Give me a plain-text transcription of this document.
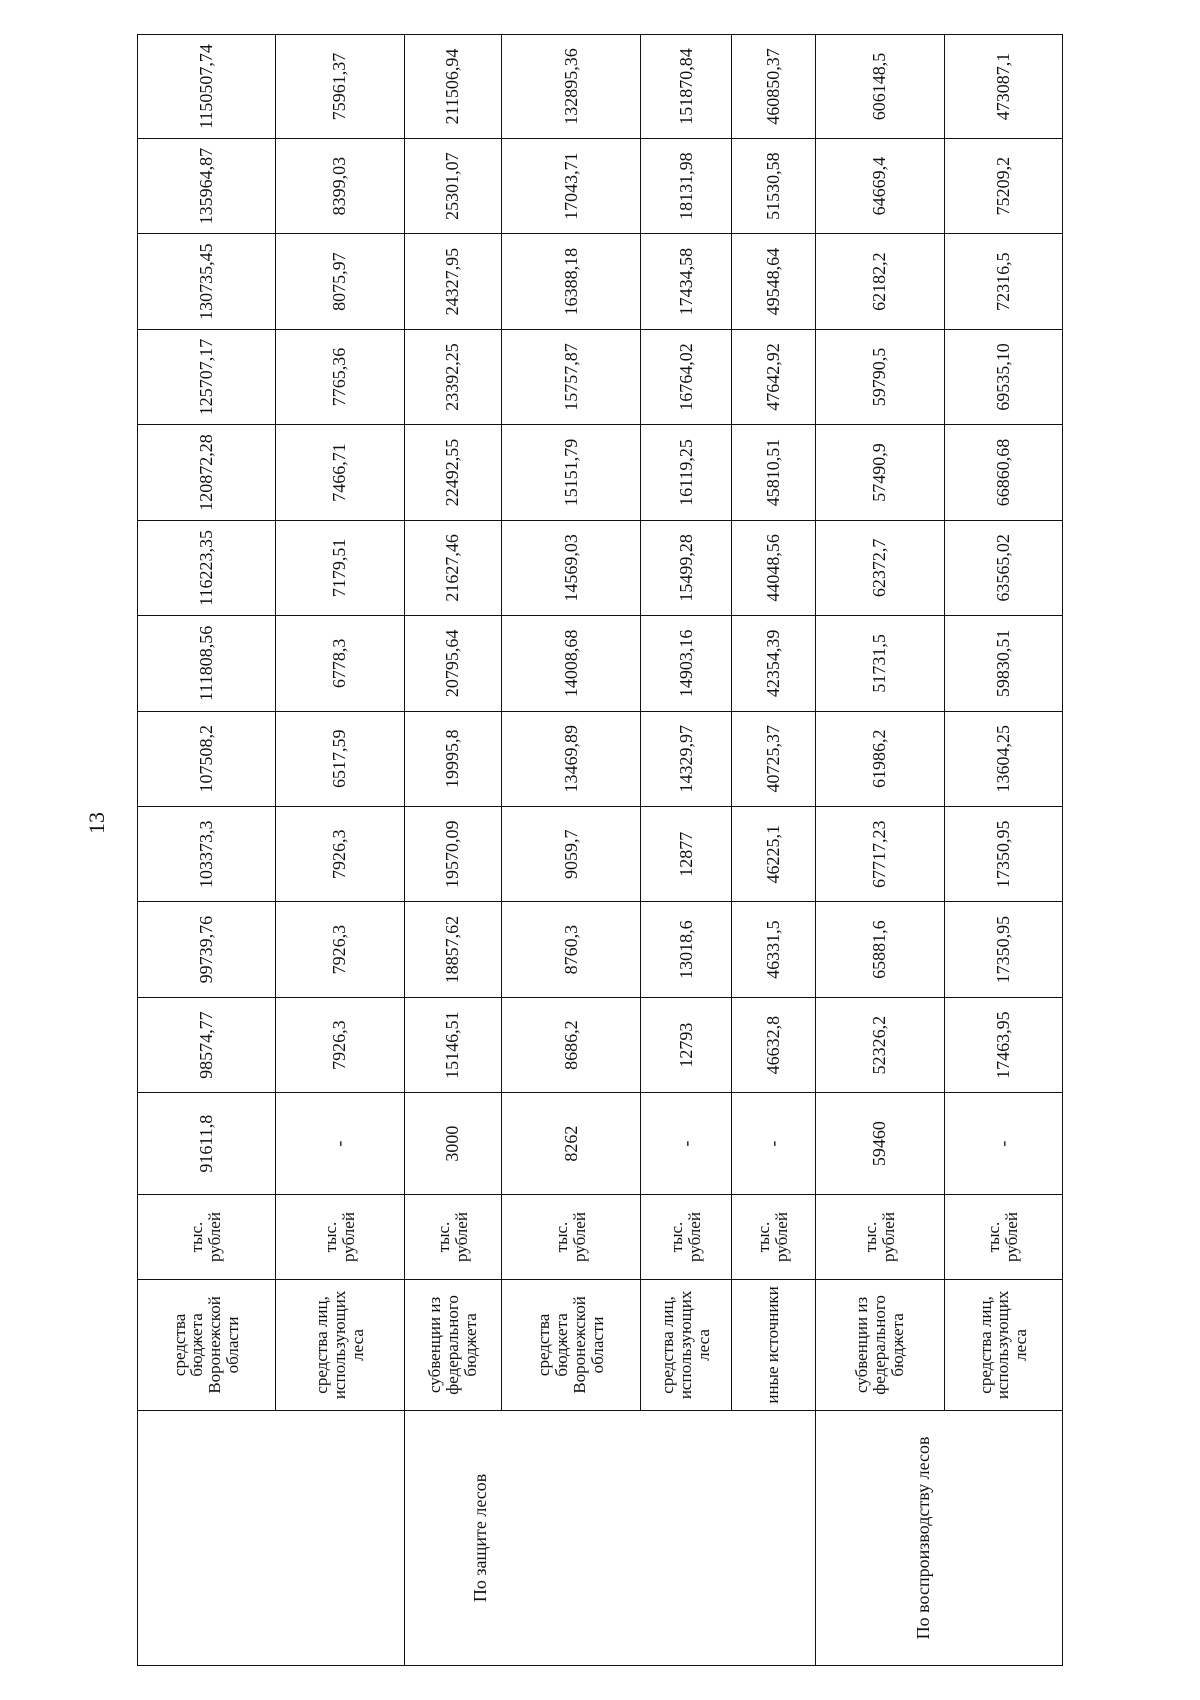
13
	средства бюджета Воронежской области	тыс. рублей	91611,8	98574,77	99739,76	103373,3	107508,2	111808,56	116223,35	120872,28	125707,17	130735,45	135964,87	1150507,74
	средства лиц, использующих леса	тыс. рублей	-	7926,3	7926,3	7926,3	6517,59	6778,3	7179,51	7466,71	7765,36	8075,97	8399,03	75961,37
По защите лесов	субвенции из федерального бюджета	тыс. рублей	3000	15146,51	18857,62	19570,09	19995,8	20795,64	21627,46	22492,55	23392,25	24327,95	25301,07	211506,94
	средства бюджета Воронежской области	тыс. рублей	8262	8686,2	8760,3	9059,7	13469,89	14008,68	14569,03	15151,79	15757,87	16388,18	17043,71	132895,36
	средства лиц, использующих леса	тыс. рублей	-	12793	13018,6	12877	14329,97	14903,16	15499,28	16119,25	16764,02	17434,58	18131,98	151870,84
	иные источники	тыс. рублей	-	46632,8	46331,5	46225,1	40725,37	42354,39	44048,56	45810,51	47642,92	49548,64	51530,58	460850,37
По воспроизводству лесов	субвенции из федерального бюджета	тыс. рублей	59460	52326,2	65881,6	67717,23	61986,2	51731,5	62372,7	57490,9	59790,5	62182,2	64669,4	606148,5
	средства лиц, использующих леса	тыс. рублей	-	17463,95	17350,95	17350,95	13604,25	59830,51	63565,02	66860,68	69535,10	72316,5	75209,2	473087,1
